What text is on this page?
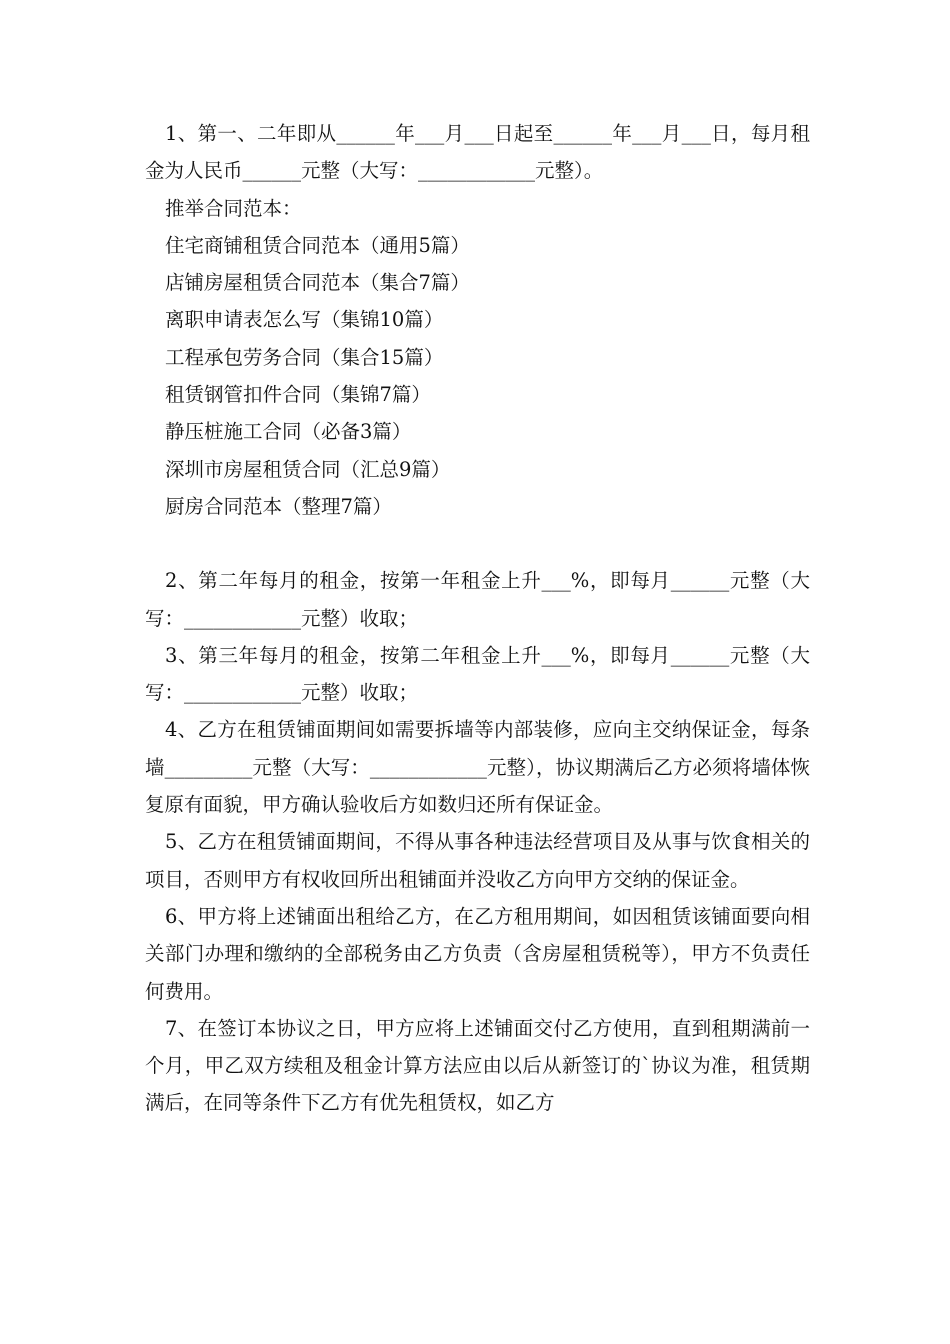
1、第一、二年即从______年___月___日起至______年___月___日，每月租金为人民币______元整（大写：____________元整）。

推举合同范本：

住宅商铺租赁合同范本（通用5篇）
店铺房屋租赁合同范本（集合7篇）
离职申请表怎么写（集锦10篇）
工程承包劳务合同（集合15篇）
租赁钢管扣件合同（集锦7篇）
静压桩施工合同（必备3篇）
深圳市房屋租赁合同（汇总9篇）
厨房合同范本（整理7篇）

2、第二年每月的租金，按第一年租金上升___%，即每月______元整（大写：____________元整）收取；

3、第三年每月的租金，按第二年租金上升___%，即每月______元整（大写：____________元整）收取；

4、乙方在租赁铺面期间如需要拆墙等内部装修，应向主交纳保证金，每条墙_________元整（大写：____________元整），协议期满后乙方必须将墙体恢复原有面貌，甲方确认验收后方如数归还所有保证金。

5、乙方在租赁铺面期间，不得从事各种违法经营项目及从事与饮食相关的项目，否则甲方有权收回所出租铺面并没收乙方向甲方交纳的保证金。

6、甲方将上述铺面出租给乙方，在乙方租用期间，如因租赁该铺面要向相关部门办理和缴纳的全部税务由乙方负责（含房屋租赁税等），甲方不负责任何费用。

7、在签订本协议之日，甲方应将上述铺面交付乙方使用，直到租期满前一个月，甲乙双方续租及租金计算方法应由以后从新签订的`协议为准，租赁期满后，在同等条件下乙方有优先租赁权，如乙方
